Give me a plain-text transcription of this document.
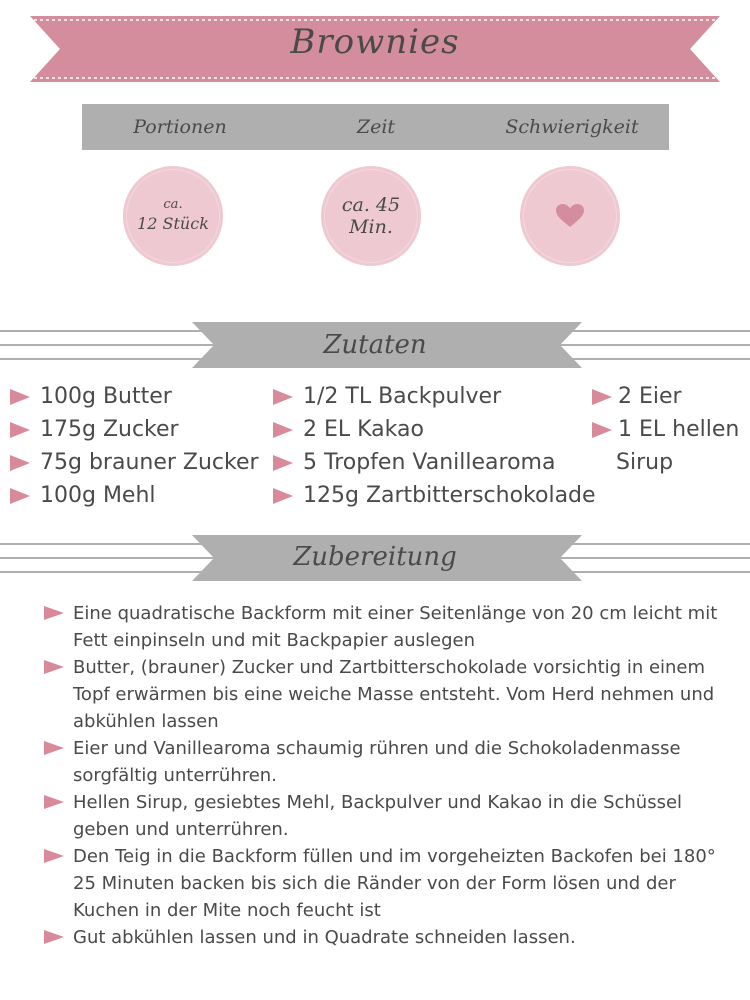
Brownies
Portionen	Zeit	Schwierigkeit
ca.
12 Stück
ca. 45
Min.
Zutaten
100g Butter
175g Zucker
75g brauner Zucker
100g Mehl
1/2 TL Backpulver
2 EL Kakao
5 Tropfen Vanillearoma
125g Zartbitterschokolade
2 Eier
1 EL hellen
Sirup
Zubereitung
Eine quadratische Backform mit einer Seitenlänge von 20 cm leicht mit Fett einpinseln und mit Backpapier auslegen
Butter, (brauner) Zucker und Zartbitterschokolade vorsichtig in einem Topf erwärmen bis eine weiche Masse entsteht. Vom Herd nehmen und abkühlen lassen
Eier und Vanillearoma schaumig rühren und die Schokoladenmasse sorgfältig unterrühren.
Hellen Sirup, gesiebtes Mehl, Backpulver und Kakao in die Schüssel geben und unterrühren.
Den Teig in die Backform füllen und im vorgeheizten Backofen bei 180° 25 Minuten backen bis sich die Ränder von der Form lösen und der Kuchen in der Mite noch feucht ist
Gut abkühlen lassen und in Quadrate schneiden lassen.
